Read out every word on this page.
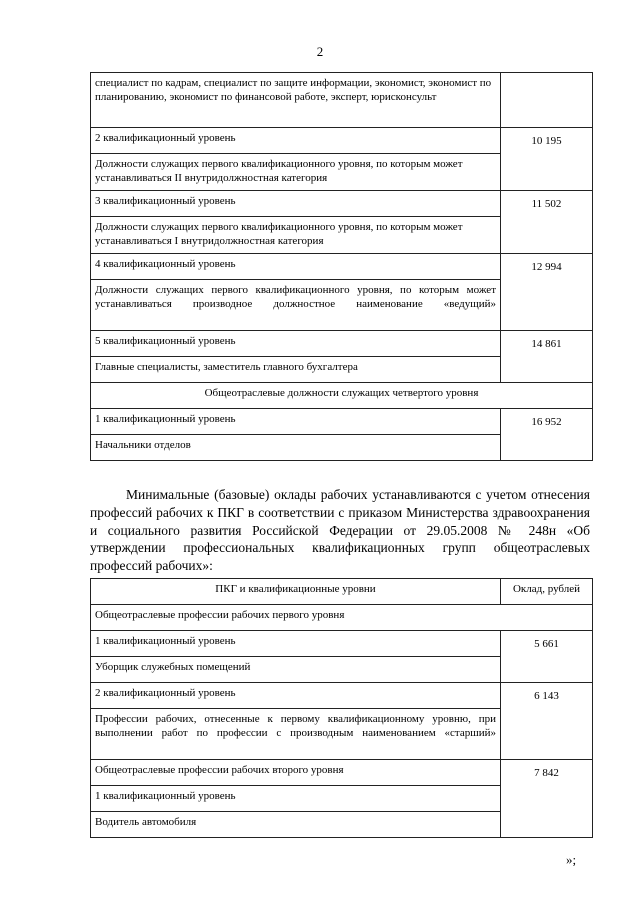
2
специалист по кадрам, специалист по защите информации, экономист, экономист по планированию, экономист по финансовой работе, эксперт, юрисконсульт	
2 квалификационный уровень	10 195
Должности служащих первого квалификационного уровня, по которым может устанавливаться II внутридолжностная категория	
3 квалификационный уровень	11 502
Должности служащих первого квалификационного уровня, по которым может устанавливаться I внутридолжностная категория	
4 квалификационный уровень	12 994
Должности служащих первого квалификационного уровня, по которым может устанавливаться производное должностное наименование «ведущий»	
5 квалификационный уровень	14 861
Главные специалисты, заместитель главного бухгалтера	
Общеотраслевые должности служащих четвертого уровня	
1 квалификационный уровень	16 952
Начальники отделов	
Минимальные (базовые) оклады рабочих устанавливаются с учетом отнесения профессий рабочих к ПКГ в соответствии с приказом Министерства здравоохранения и социального развития Российской Федерации от 29.05.2008 № 248н «Об утверждении профессиональных квалификационных групп общеотраслевых профессий рабочих»:
ПКГ и квалификационные уровни	Оклад, рублей
Общеотраслевые профессии рабочих первого уровня	
1 квалификационный уровень	5 661
Уборщик служебных помещений	
2 квалификационный уровень	6 143
Профессии рабочих, отнесенные к первому квалификационному уровню, при выполнении работ по профессии с производным наименованием «старший»	
Общеотраслевые профессии рабочих второго уровня	7 842
1 квалификационный уровень	
Водитель автомобиля	
»;
